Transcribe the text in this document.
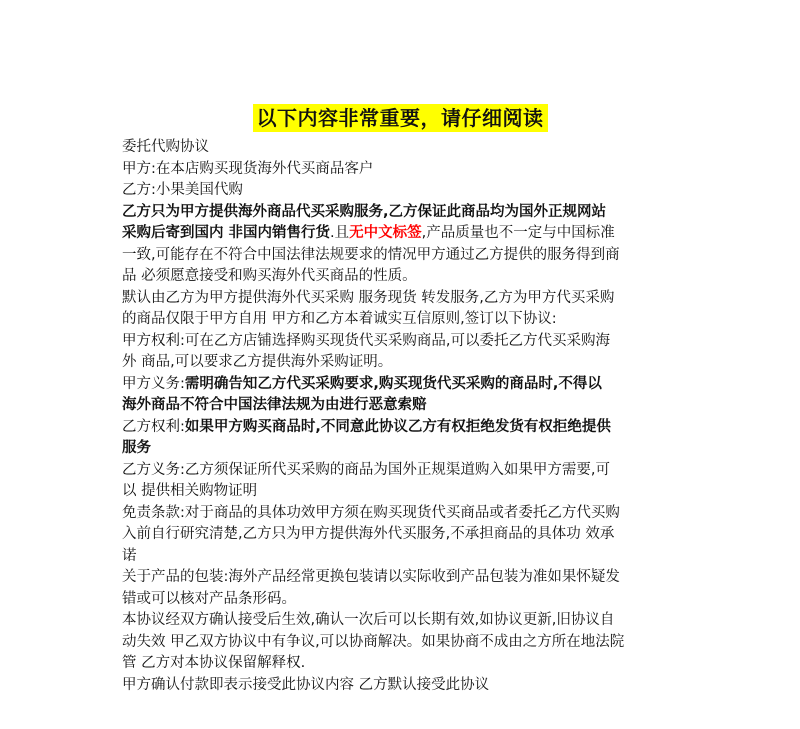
以下内容非常重要，请仔细阅读
委托代购协议
甲方:在本店购买现货海外代买商品客户
乙方:小果美国代购
乙方只为甲方提供海外商品代买采购服务,乙方保证此商品均为国外正规网站
采购后寄到国内 非国内销售行货.且无中文标签,产品质量也不一定与中国标准
一致,可能存在不符合中国法律法规要求的情况甲方通过乙方提供的服务得到商
品 必须愿意接受和购买海外代买商品的性质。
默认由乙方为甲方提供海外代买采购 服务现货 转发服务,乙方为甲方代买采购
的商品仅限于甲方自用 甲方和乙方本着诚实互信原则,签订以下协议:
甲方权利:可在乙方店铺选择购买现货代买采购商品,可以委托乙方代买采购海
外 商品,可以要求乙方提供海外采购证明。
甲方义务:需明确告知乙方代买采购要求,购买现货代买采购的商品时,不得以
海外商品不符合中国法律法规为由进行恶意索赔
乙方权利:如果甲方购买商品时,不同意此协议乙方有权拒绝发货有权拒绝提供
服务
乙方义务:乙方须保证所代买采购的商品为国外正规渠道购入如果甲方需要,可
以 提供相关购物证明
免责条款:对于商品的具体功效甲方须在购买现货代买商品或者委托乙方代买购
入前自行研究清楚,乙方只为甲方提供海外代买服务,不承担商品的具体功 效承
诺
关于产品的包装:海外产品经常更换包装请以实际收到产品包装为准如果怀疑发
错或可以核对产品条形码。
本协议经双方确认接受后生效,确认一次后可以长期有效,如协议更新,旧协议自
动失效 甲乙双方协议中有争议,可以协商解决。如果协商不成由之方所在地法院
管 乙方对本协议保留解释权.
甲方确认付款即表示接受此协议内容 乙方默认接受此协议
